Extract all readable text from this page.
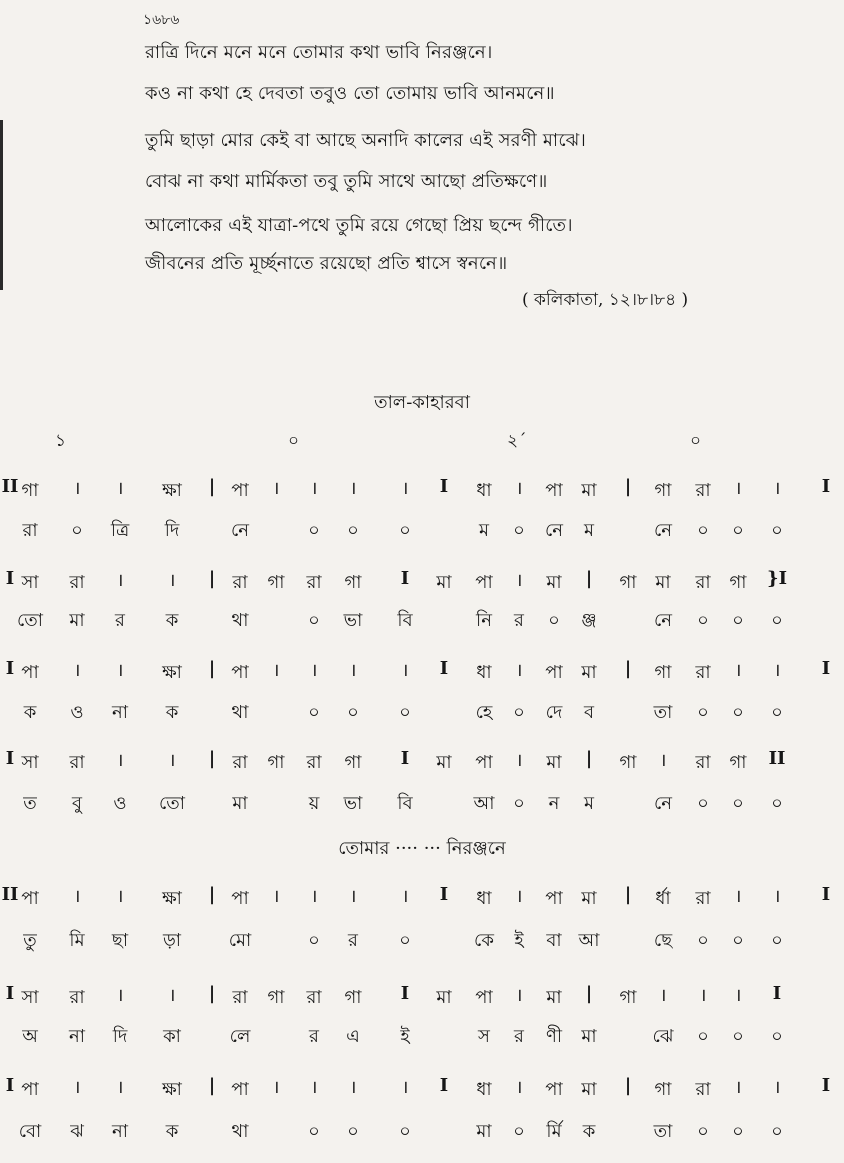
১৬৮৬
রাত্রি দিনে মনে মনে তোমার কথা ভাবি নিরঞ্জনে।
কও না কথা হে দেবতা তবুও তো তোমায় ভাবি আনমনে॥
তুমি ছাড়া মোর কেই বা আছে অনাদি কালের এই সরণী মাঝে।
বোঝ না কথা মার্মিকতা তবু তুমি সাথে আছো প্রতিক্ষণে॥
আলোকের এই যাত্রা-পথে তুমি রয়ে গেছো প্রিয় ছন্দে গীতে।
জীবনের প্রতি মূর্চ্ছনাতে রয়েছো প্রতি শ্বাসে স্বননে॥
( কলিকাতা, ১২।৮।৮৪ )
তাল-কাহারবা
১	০	২´	০
তোমার ···· ··· নিরঞ্জনে
II গা । । ক্ষা | পা । । ।	। I ধা । পা মা | গা রা । । I
রা ০ ত্রি দি	নে	০ ০ ০	ম ০ নে ম	নে ০ ০ ০
I সা রা ।	। | রা গা রা গা I মা পা । মা | গা মা রা গা }I
তো মা র ক	থা	০ ভা বি	নি র ০ ঞ্জ	নে ০ ০ ০
I পা । । ক্ষা | পা । । ।	। I ধা । পা মা | গা রা । । I
ক ও না ক	থা	০ ০ ০	হে ০ দে ব	তা ০ ০ ০
I সা রা ।	। | রা গা রা গা I মা পা । মা | গা । রা গা II
ত বু ও তো	মা	য় ভা বি	আ ০ ন ম	নে ০ ০ ০
II পা । । ক্ষা | পা । । ।	। I ধা । পা মা | র্ধা রা । । I
তু মি ছা ড়া	মো	০ র ০	কে ই বা আ	ছে ০ ০ ০
I সা রা ।	। | রা গা রা গা I মা পা । মা | গা । । । I
অ না দি কা	লে	র এ ই	স র ণী মা	ঝে ০ ০ ০
I পা । । ক্ষা | পা । । ।	। I ধা । পা মা | গা রা । । I
বো ঝ না ক	থা	০ ০ ০	মা ০ র্মি ক	তা ০ ০ ০
